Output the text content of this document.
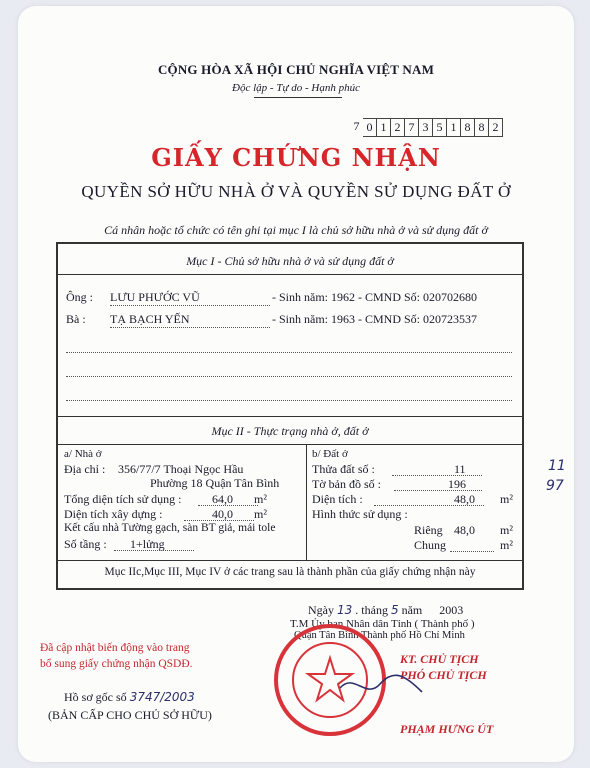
CỘNG HÒA XÃ HỘI CHỦ NGHĨA VIỆT NAM
Độc lập - Tự do - Hạnh phúc
7 0 1 2 7 3 5 1 8 8 2
GIẤY CHỨNG NHẬN
QUYỀN SỞ HỮU NHÀ Ở VÀ QUYỀN SỬ DỤNG ĐẤT Ở
Cá nhân hoặc tổ chức có tên ghi tại mục I là chủ sở hữu nhà ở và sử dụng đất ở
Mục I - Chủ sở hữu nhà ở và sử dụng đất ở
Ông : LƯU PHƯỚC VŨ	- Sinh năm: 1962 - CMND Số: 020702680
Bà : TẠ BẠCH YẾN	- Sinh năm: 1963 - CMND Số: 020723537
Mục II - Thực trạng nhà ở, đất ở
a/ Nhà ở
Địa chỉ : 356/77/7 Thoại Ngọc Hầu
Phường 18 Quận Tân Bình
Tổng diện tích sử dụng :	64,0 m²
Diện tích xây dựng :	40,0 m²
Kết cấu nhà Tường gạch, sàn BT giả, mái tole
Số tầng : 1+lửng
b/ Đất ở
Thửa đất số :	11
Tờ bản đồ số :	196
Diện tích :	48,0 m²
Hình thức sử dụng :
Riêng 48,0 m²
Chung	m²
Mục IIc,Mục III, Mục IV ở các trang sau là thành phần của giấy chứng nhận này
11
97
Ngày 13 . tháng 5 năm 2003
T.M Ủy ban Nhân dân Tỉnh ( Thành phố )
Quận Tân Bình Thành phố Hồ Chí Minh
KT. CHỦ TỊCH
PHÓ CHỦ TỊCH
PHẠM HƯNG ÚT
Đã cập nhật biến động vào trang
bổ sung giấy chứng nhận QSDĐ.
Hồ sơ gốc số 3747/2003
(BẢN CẤP CHO CHỦ SỞ HỮU)
